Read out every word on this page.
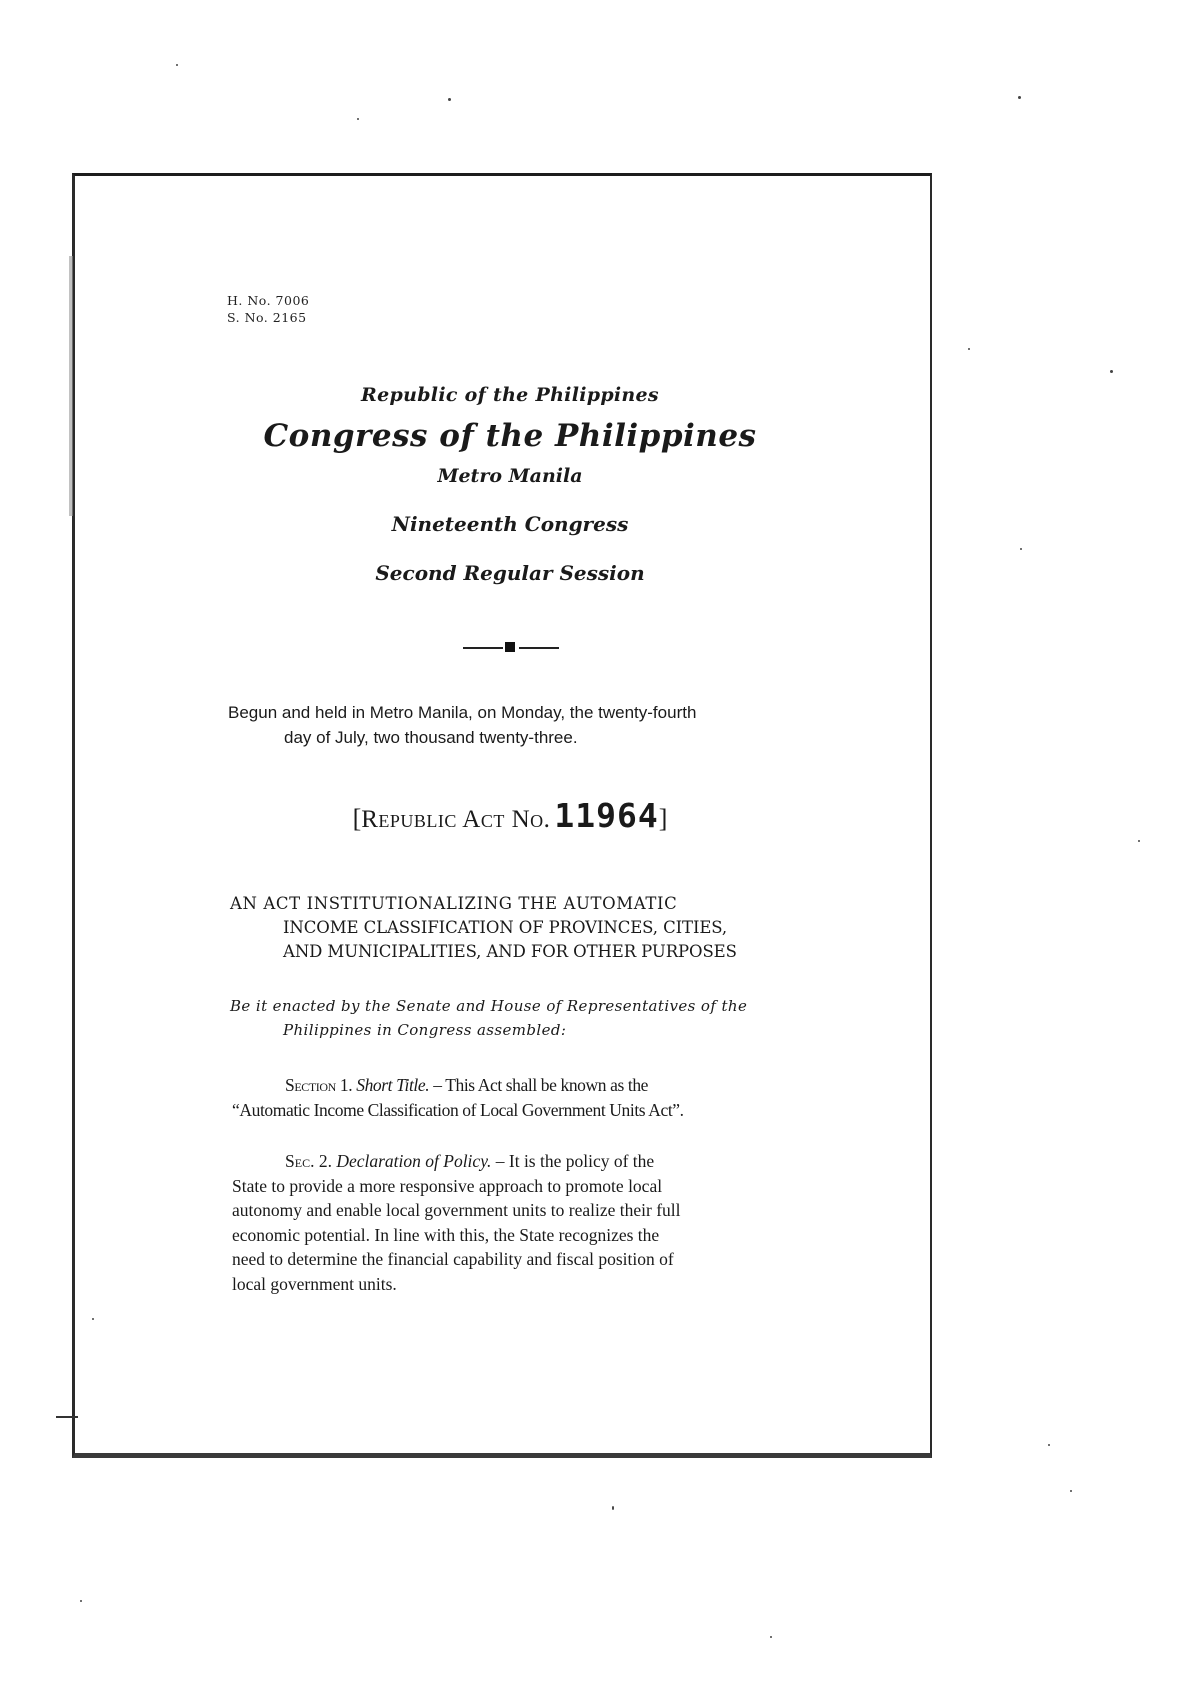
H. No. 7006
S. No. 2165
Republic of the Philippines
Congress of the Philippines
Metro Manila
Nineteenth Congress
Second Regular Session
Begun and held in Metro Manila, on Monday, the twenty-fourth
day of July, two thousand twenty-three.
[Republic Act No. 11964]
AN ACT INSTITUTIONALIZING THE AUTOMATIC
INCOME CLASSIFICATION OF PROVINCES, CITIES,
AND MUNICIPALITIES, AND FOR OTHER PURPOSES
Be it enacted by the Senate and House of Representatives of the
Philippines in Congress assembled:
Section 1. Short Title. – This Act shall be known as the
“Automatic Income Classification of Local Government Units Act”.
Sec. 2. Declaration of Policy. – It is the policy of the
State to provide a more responsive approach to promote local
autonomy and enable local government units to realize their full
economic potential. In line with this, the State recognizes the
need to determine the financial capability and fiscal position of
local government units.
